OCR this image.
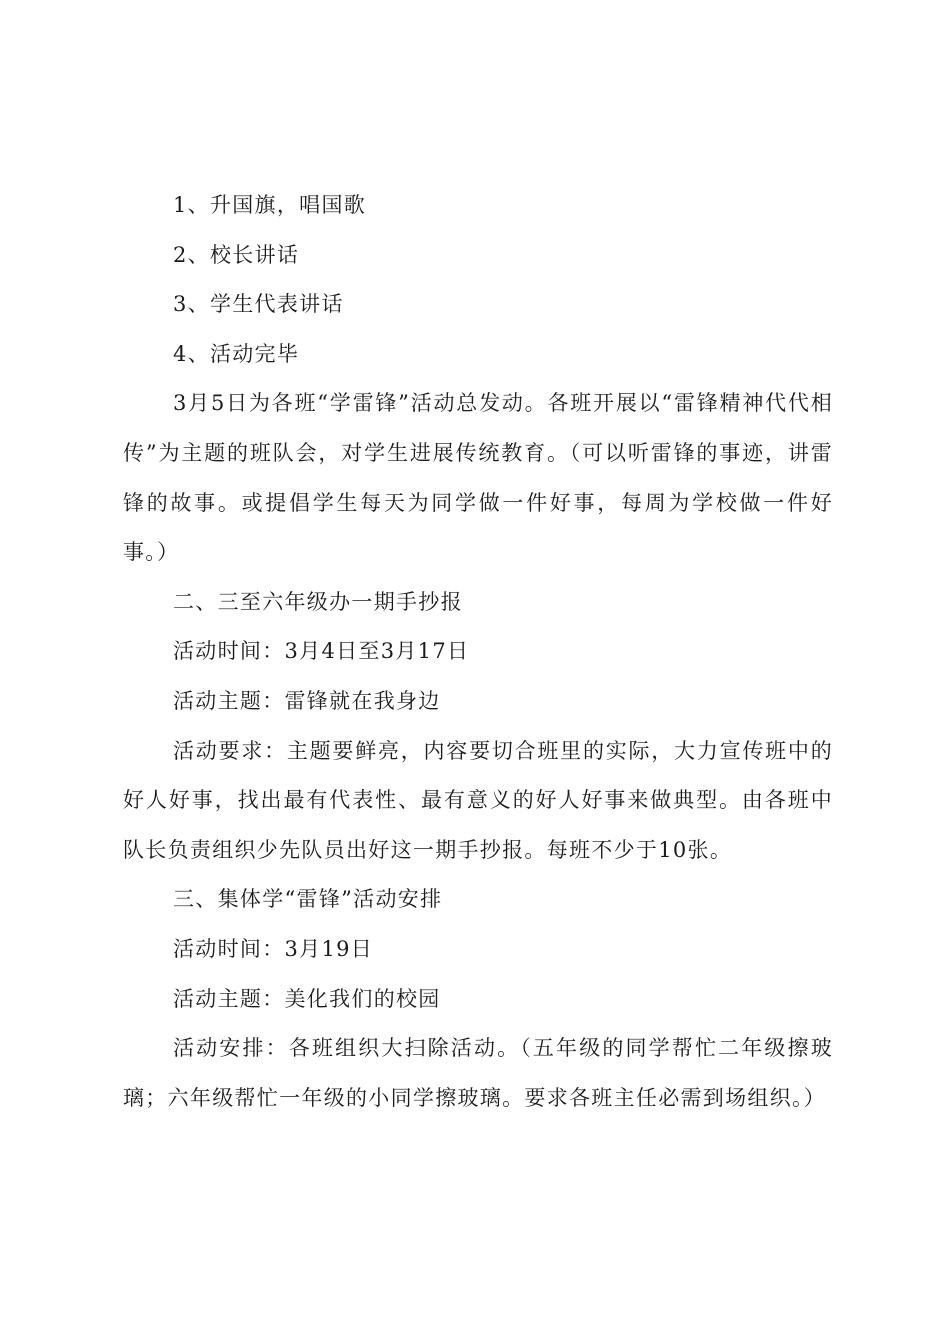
1、升国旗，唱国歌

2、校长讲话

3、学生代表讲话

4、活动完毕

3月5日为各班“学雷锋”活动总发动。各班开展以“雷锋精神代代相传”为主题的班队会，对学生进展传统教育。（可以听雷锋的事迹，讲雷锋的故事。或提倡学生每天为同学做一件好事，每周为学校做一件好事。）

二、三至六年级办一期手抄报

活动时间：3月4日至3月17日

活动主题：雷锋就在我身边

活动要求：主题要鲜亮，内容要切合班里的实际，大力宣传班中的好人好事，找出最有代表性、最有意义的好人好事来做典型。由各班中队长负责组织少先队员出好这一期手抄报。每班不少于10张。

三、集体学“雷锋”活动安排

活动时间：3月19日

活动主题：美化我们的校园

活动安排：各班组织大扫除活动。（五年级的同学帮忙二年级擦玻璃；六年级帮忙一年级的小同学擦玻璃。要求各班主任必需到场组织。）
